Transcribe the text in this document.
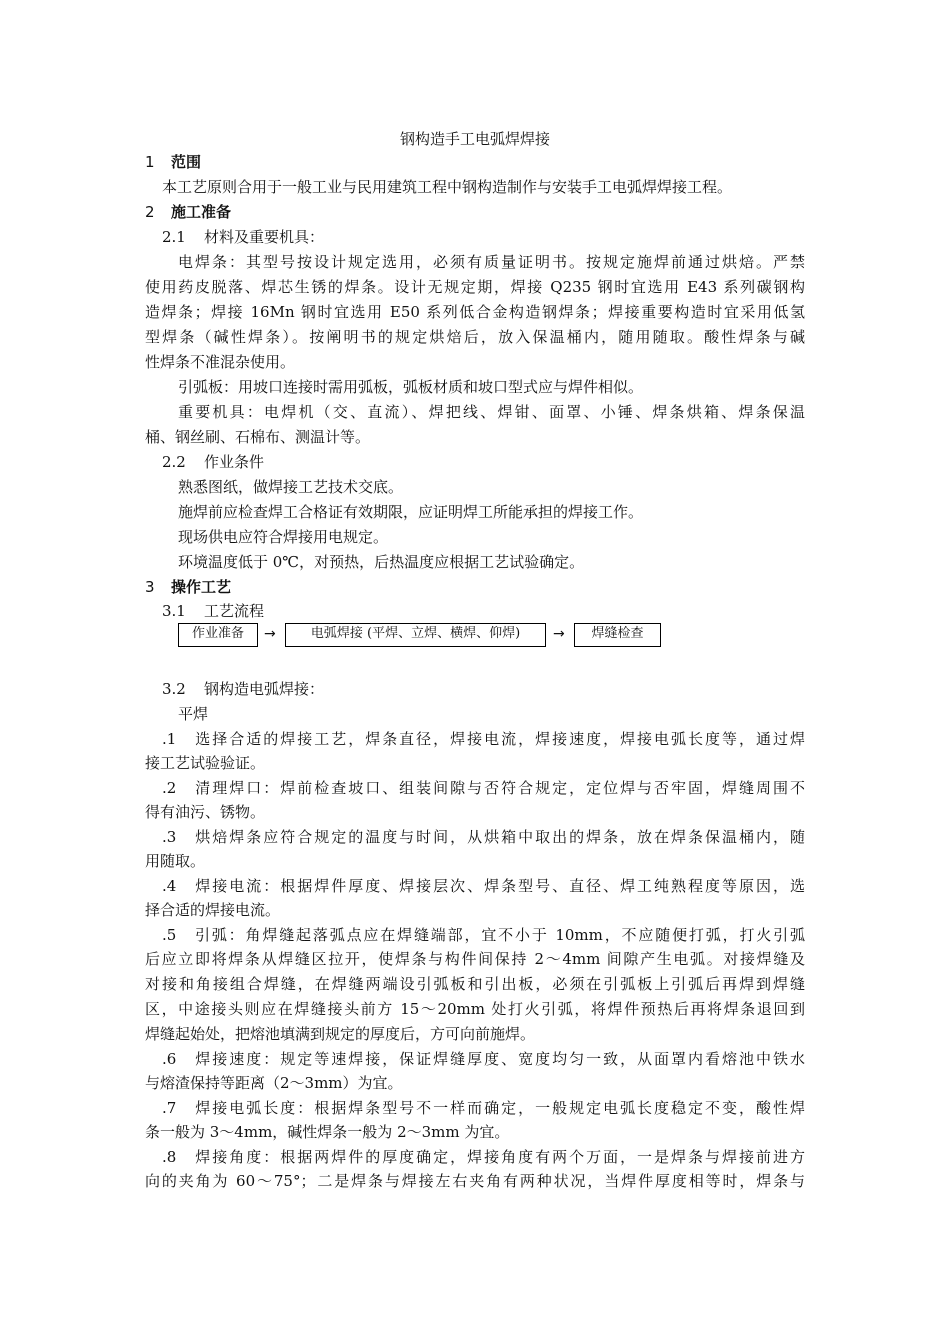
钢构造手工电弧焊焊接

1 范围

本工艺原则合用于一般工业与民用建筑工程中钢构造制作与安装手工电弧焊焊接工程。

2 施工准备

2.1 材料及重要机具：

电焊条：其型号按设计规定选用，必须有质量证明书。按规定施焊前通过烘焙。严禁

使用药皮脱落、焊芯生锈的焊条。设计无规定期，焊接 Q235 钢时宜选用 E43 系列碳钢构

造焊条；焊接 16Mn 钢时宜选用 E50 系列低合金构造钢焊条；焊接重要构造时宜采用低氢

型焊条（碱性焊条）。按阐明书的规定烘焙后，放入保温桶内，随用随取。酸性焊条与碱

性焊条不准混杂使用。

引弧板：用坡口连接时需用弧板，弧板材质和坡口型式应与焊件相似。

重要机具：电焊机（交、直流）、焊把线、焊钳、面罩、小锤、焊条烘箱、焊条保温

桶、钢丝刷、石棉布、测温计等。

2.2 作业条件

熟悉图纸，做焊接工艺技术交底。

施焊前应检查焊工合格证有效期限，应证明焊工所能承担的焊接工作。

现场供电应符合焊接用电规定。

环境温度低于 0℃，对预热，后热温度应根据工艺试验确定。

3 操作工艺

3.1 工艺流程

作业准备	→	电弧焊接 (平焊、立焊、横焊、仰焊)	→	焊缝检查

3.2 钢构造电弧焊接：

平焊

.1　 选择合适的焊接工艺，焊条直径，焊接电流，焊接速度，焊接电弧长度等，通过焊

接工艺试验验证。

.2　 清理焊口：焊前检查坡口、组装间隙与否符合规定，定位焊与否牢固，焊缝周围不

得有油污、锈物。

.3　 烘焙焊条应符合规定的温度与时间，从烘箱中取出的焊条，放在焊条保温桶内，随

用随取。

.4　 焊接电流：根据焊件厚度、焊接层次、焊条型号、直径、焊工纯熟程度等原因，选

择合适的焊接电流。

.5　 引弧：角焊缝起落弧点应在焊缝端部，宜不小于 10mm，不应随便打弧，打火引弧

后应立即将焊条从焊缝区拉开，使焊条与构件间保持 2～4mm 间隙产生电弧。对接焊缝及

对接和角接组合焊缝，在焊缝两端设引弧板和引出板，必须在引弧板上引弧后再焊到焊缝

区，中途接头则应在焊缝接头前方 15～20mm 处打火引弧，将焊件预热后再将焊条退回到

焊缝起始处，把熔池填满到规定的厚度后，方可向前施焊。

.6　 焊接速度：规定等速焊接，保证焊缝厚度、宽度均匀一致，从面罩内看熔池中铁水

与熔渣保持等距离（2～3mm）为宜。

.7　 焊接电弧长度：根据焊条型号不一样而确定，一般规定电弧长度稳定不变，酸性焊

条一般为 3～4mm，碱性焊条一般为 2～3mm 为宜。

.8　 焊接角度：根据两焊件的厚度确定，焊接角度有两个万面，一是焊条与焊接前进方

向的夹角为 60～75°；二是焊条与焊接左右夹角有两种状况，当焊件厚度相等时，焊条与
